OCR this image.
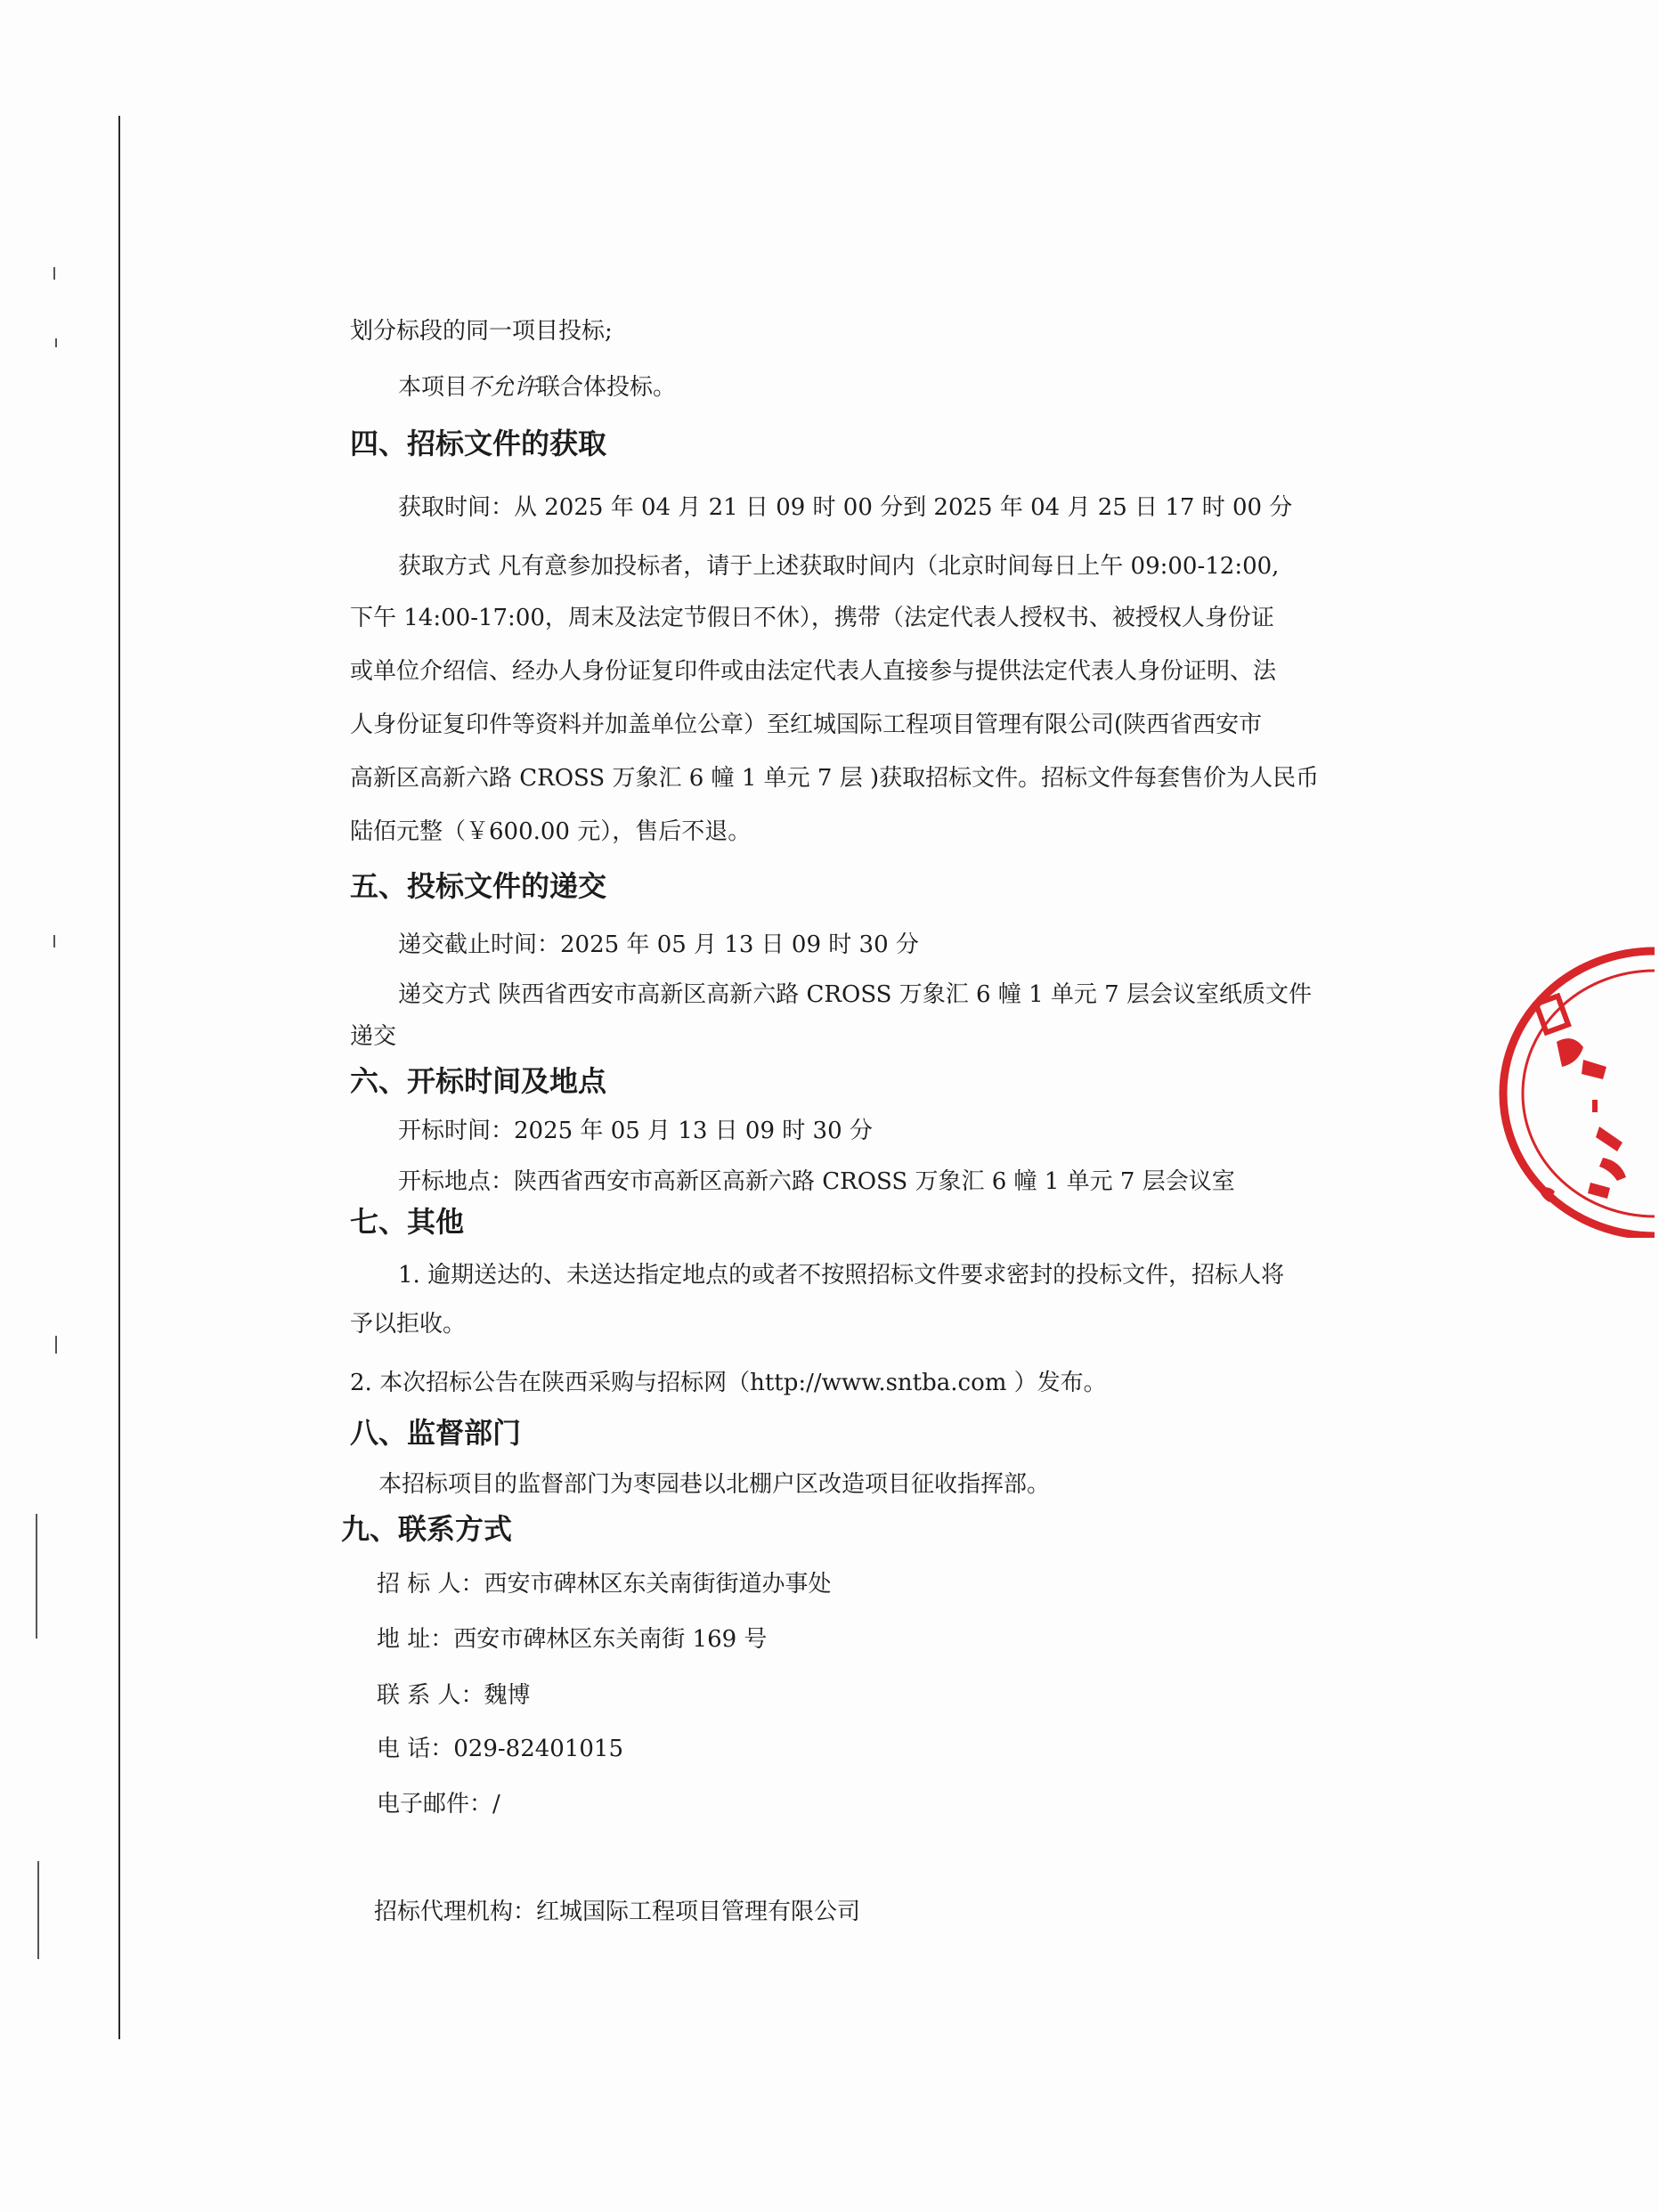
划分标段的同一项目投标;
本项目不允许联合体投标。
四、招标文件的获取
获取时间：从 2025 年 04 月 21 日 09 时 00 分到 2025 年 04 月 25 日 17 时 00 分
获取方式 凡有意参加投标者，请于上述获取时间内（北京时间每日上午 09:00-12:00,
下午 14:00-17:00，周末及法定节假日不休），携带（法定代表人授权书、被授权人身份证
或单位介绍信、经办人身份证复印件或由法定代表人直接参与提供法定代表人身份证明、法
人身份证复印件等资料并加盖单位公章）至红城国际工程项目管理有限公司(陕西省西安市
高新区高新六路 CROSS 万象汇 6 幢 1 单元 7 层 )获取招标文件。招标文件每套售价为人民币
陆佰元整（￥600.00 元），售后不退。
五、投标文件的递交
递交截止时间：2025 年 05 月 13 日 09 时 30 分
递交方式 陕西省西安市高新区高新六路 CROSS 万象汇 6 幢 1 单元 7 层会议室纸质文件
递交
六、开标时间及地点
开标时间：2025 年 05 月 13 日 09 时 30 分
开标地点：陕西省西安市高新区高新六路 CROSS 万象汇 6 幢 1 单元 7 层会议室
七、其他
1. 逾期送达的、未送达指定地点的或者不按照招标文件要求密封的投标文件，招标人将
予以拒收。
2. 本次招标公告在陕西采购与招标网（http://www.sntba.com ）发布。
八、监督部门
本招标项目的监督部门为枣园巷以北棚户区改造项目征收指挥部。
九、联系方式
招 标 人：西安市碑林区东关南街街道办事处
地 址：西安市碑林区东关南街 169 号
联 系 人：魏博
电 话：029-82401015
电子邮件：/
招标代理机构：红城国际工程项目管理有限公司
